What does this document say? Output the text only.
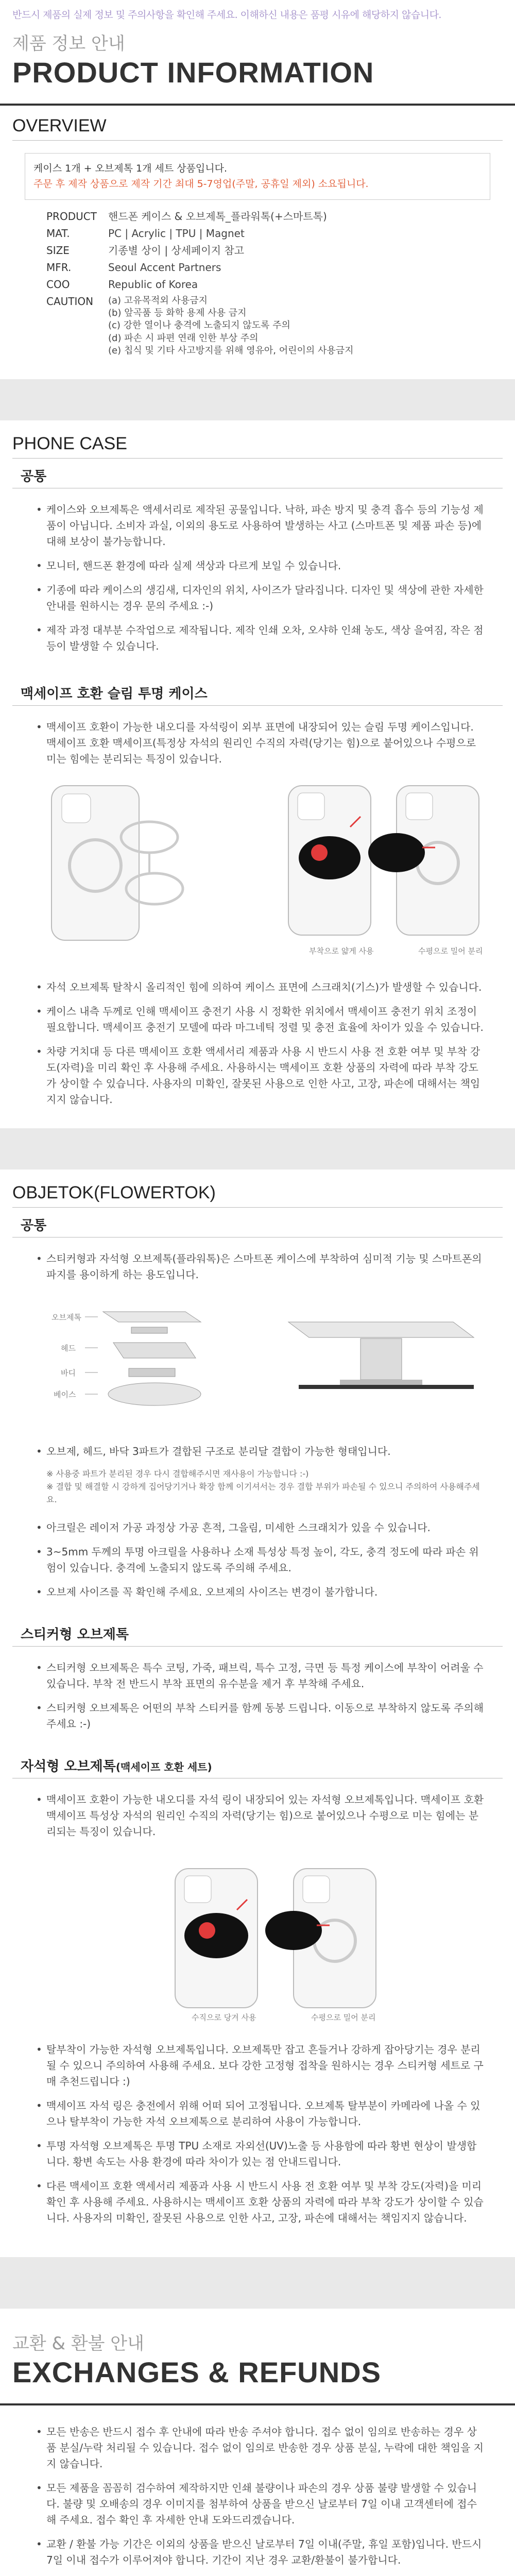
반드시 제품의 실제 정보 및 주의사항을 확인해 주세요. 이해하신 내용은 품평 시유에 해당하지 않습니다.
제품 정보 안내
PRODUCT INFORMATION
OVERVIEW
케이스 1개 + 오브제톡 1개 세트 상품입니다.
주문 후 제작 상품으로 제작 기간 최대 5-7영업(주말, 공휴일 제외) 소요됩니다.
PRODUCT	핸드폰 케이스 & 오브제톡_플라워톡(+스마트톡)
MAT.	PC | Acrylic | TPU | Magnet
SIZE	기종별 상이 | 상세페이지 참고
MFR.	Seoul Accent Partners
COO	Republic of Korea
CAUTION	(a) 고유목적외 사용금지
(b) 앞곡품 등 화학 용제 사용 금지
(c) 강한 열이나 충격에 노출되지 않도록 주의
(d) 파손 시 파편 연래 인한 부상 주의
(e) 칩식 및 기타 사고방지를 위해 영유아, 어린이의 사용금지
PHONE CASE
공통
• 케이스와 오브제톡은 액세서리로 제작된 공물입니다. 낙하, 파손 방지 및 충격 흡수 등의 기능성 제품이 아닙니다. 소비자 과실, 이외의 용도로 사용하여 발생하는 사고 (스마트폰 및 제품 파손 등)에 대해 보상이 불가능합니다.
• 모니터, 핸드폰 환경에 따라 실제 색상과 다르게 보일 수 있습니다.
• 기종에 따라 케이스의 생김새, 디자인의 위치, 사이즈가 달라집니다. 디자인 및 색상에 관한 자세한 안내를 원하시는 경우 문의 주세요 :-)
• 제작 과정 대부분 수작업으로 제작됩니다. 제작 인쇄 오차, 오샤하 인쇄 농도, 색상 을여짐, 작은 점 등이 발생할 수 있습니다.
맥세이프 호환 슬림 투명 케이스
• 맥세이프 호환이 가능한 내오디를 자석링이 외부 표면에 내장되어 있는 슬림 두명 케이스입니다. 맥세이프 호환 맥세이프(특정상 자석의 원리인 수직의 자력(당기는 힘)으로 붙어있으나 수평으로 미는 힘에는 분리되는 특징이 있습니다.
부착으로 얇게 사용	수평으로 밀어 분리
• 자석 오브제톡 탈착시 올리적인 힘에 의하여 케이스 표면에 스크래치(기스)가 발생할 수 있습니다.
• 케이스 내측 두께로 인해 맥세이프 충전기 사용 시 정확한 위치에서 맥세이프 충전기 위치 조정이 필요합니다. 맥세이프 충전기 모델에 따라 마그네틱 정렬 및 충전 효율에 차이가 있을 수 있습니다.
• 차량 거치대 등 다른 맥세이프 호환 액세서리 제품과 사용 시 반드시 사용 전 호환 여부 및 부착 강도(자력)을 미리 확인 후 사용해 주세요. 사용하시는 맥세이프 호환 상품의 자력에 따라 부착 강도가 상이할 수 있습니다. 사용자의 미확인, 잘못된 사용으로 인한 사고, 고장, 파손에 대해서는 책임지지 않습니다.
OBJETOK(FLOWERTOK)
공통
• 스티커형과 자석형 오브제톡(플라워톡)은 스마트폰 케이스에 부착하여 심미적 기능 및 스마트폰의 파지를 용이하게 하는 용도입니다.
오브제톡
헤드
바디
베이스
• 오브제, 헤드, 바닥 3파트가 결합된 구조로 분리달 결합이 가능한 형태입니다.
※ 사용중 파트가 분리된 경우 다시 결합해주시면 재사용이 가능합니다 :-)
※ 결합 및 해결할 시 강하게 집어당기거나 확장 함께 이기셔서는 경우 결합 부위가 파손될 수 있으니 주의하여 사용해주세요.
• 아크릴은 레이저 가공 과정상 가공 흔적, 그을림, 미세한 스크래치가 있을 수 있습니다.
• 3~5mm 두께의 투명 아크릴을 사용하나 소재 특성상 특정 높이, 각도, 충격 정도에 따라 파손 위험이 있습니다. 충격에 노출되지 않도록 주의해 주세요.
• 오브제 사이즈를 꼭 확인해 주세요. 오브제의 사이즈는 변경이 불가합니다.
스티커형 오브제톡
• 스티커형 오브제톡은 특수 코팅, 가죽, 패브릭, 특수 고정, 극면 등 특정 케이스에 부착이 어려울 수 있습니다. 부착 전 반드시 부착 표면의 유수분을 제거 후 부착해 주세요.
• 스티커형 오브제톡은 어떤의 부착 스티커를 함께 동봉 드립니다. 이동으로 부착하지 않도록 주의해 주세요 :-)
자석형 오브제톡(맥세이프 호환 세트)
• 맥세이프 호환이 가능한 내오디를 자석 링이 내장되어 있는 자석형 오브제톡입니다. 맥세이프 호환 맥세이프 특성상 자석의 원리인 수직의 자력(당기는 힘)으로 붙어있으나 수평으로 미는 힘에는 분리되는 특징이 있습니다.
수직으로 당겨 사용	수평으로 밀어 분리
• 탈부착이 가능한 자석형 오브제톡입니다. 오브제톡만 잡고 흔들거나 강하게 잡아당기는 경우 분리될 수 있으니 주의하여 사용해 주세요. 보다 강한 고정형 접착을 원하시는 경우 스티커형 세트로 구매 추천드립니다 :)
• 맥세이프 자석 링은 충전에서 위해 어떠 되어 고정됩니다. 오브제톡 탈부분이 카메라에 나올 수 있으나 탈부착이 가능한 자석 오브제톡으로 분리하여 사용이 가능합니다.
• 투명 자석형 오브제톡은 투명 TPU 소재로 자외선(UV)노출 등 사용함에 따라 황변 현상이 발생합니다. 황변 속도는 사용 환경에 따라 차이가 있는 점 안내드립니다.
• 다른 맥세이프 호환 액세서리 제품과 사용 시 반드시 사용 전 호환 여부 및 부착 강도(자력)을 미리 확인 후 사용해 주세요. 사용하시는 맥세이프 호환 상품의 자력에 따라 부착 강도가 상이할 수 있습니다. 사용자의 미확인, 잘못된 사용으로 인한 사고, 고장, 파손에 대해서는 책임지지 않습니다.
교환 & 환불 안내
EXCHANGES & REFUNDS
• 모든 반송은 반드시 접수 후 안내에 따라 반송 주셔야 합니다. 접수 없이 임의로 반송하는 경우 상품 분실/누락 처리될 수 있습니다. 접수 없이 임의로 반송한 경우 상품 분실, 누락에 대한 책임을 지지 않습니다.
• 모든 제품을 꼼꼼히 검수하여 제작하지만 인쇄 불량이나 파손의 경우 상품 불량 발생할 수 있습니다. 불량 및 오배송의 경우 이미지를 첨부하여 상품을 받으신 날로부터 7일 이내 고객센터에 접수해 주세요. 접수 확인 후 자세한 안내 도와드리겠습니다.
• 교환 / 환불 가능 기간은 이외의 상품을 받으신 날로부터 7일 이내(주말, 휴일 포함)입니다. 반드시 7일 이내 접수가 이루어져야 합니다. 기간이 지난 경우 교환/환불이 불가합니다.
